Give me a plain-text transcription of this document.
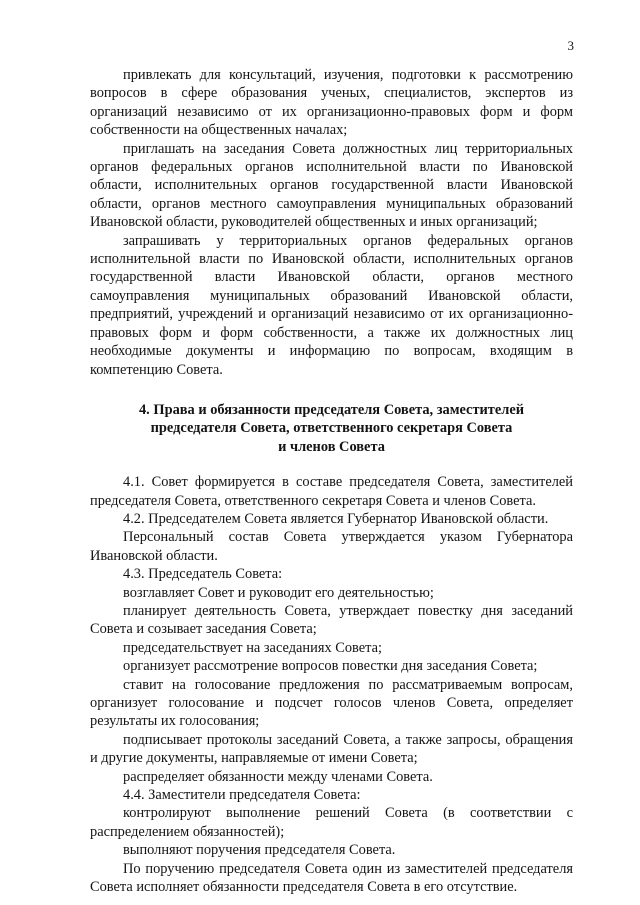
3

привлекать для консультаций, изучения, подготовки к рассмотрению вопросов в сфере образования ученых, специалистов, экспертов из организаций независимо от их организационно-правовых форм и форм собственности на общественных началах;

приглашать на заседания Совета должностных лиц территориальных органов федеральных органов исполнительной власти по Ивановской области, исполнительных органов государственной власти Ивановской области, органов местного самоуправления муниципальных образований Ивановской области, руководителей общественных и иных организаций;

запрашивать у территориальных органов федеральных органов исполнительной власти по Ивановской области, исполнительных органов государственной власти Ивановской области, органов местного самоуправления муниципальных образований Ивановской области, предприятий, учреждений и организаций независимо от их организационно-правовых форм и форм собственности, а также их должностных лиц необходимые документы и информацию по вопросам, входящим в компетенцию Совета.

4. Права и обязанности председателя Совета, заместителей
председателя Совета, ответственного секретаря Совета
и членов Совета

4.1. Совет формируется в составе председателя Совета, заместителей председателя Совета, ответственного секретаря Совета и членов Совета.

4.2. Председателем Совета является Губернатор Ивановской области.

Персональный состав Совета утверждается указом Губернатора Ивановской области.

4.3. Председатель Совета:

возглавляет Совет и руководит его деятельностью;

планирует деятельность Совета, утверждает повестку дня заседаний Совета и созывает заседания Совета;

председательствует на заседаниях Совета;

организует рассмотрение вопросов повестки дня заседания Совета;

ставит на голосование предложения по рассматриваемым вопросам, организует голосование и подсчет голосов членов Совета, определяет результаты их голосования;

подписывает протоколы заседаний Совета, а также запросы, обращения и другие документы, направляемые от имени Совета;

распределяет обязанности между членами Совета.

4.4. Заместители председателя Совета:

контролируют выполнение решений Совета (в соответствии с распределением обязанностей);

выполняют поручения председателя Совета.

По поручению председателя Совета один из заместителей председателя Совета исполняет обязанности председателя Совета в его отсутствие.
